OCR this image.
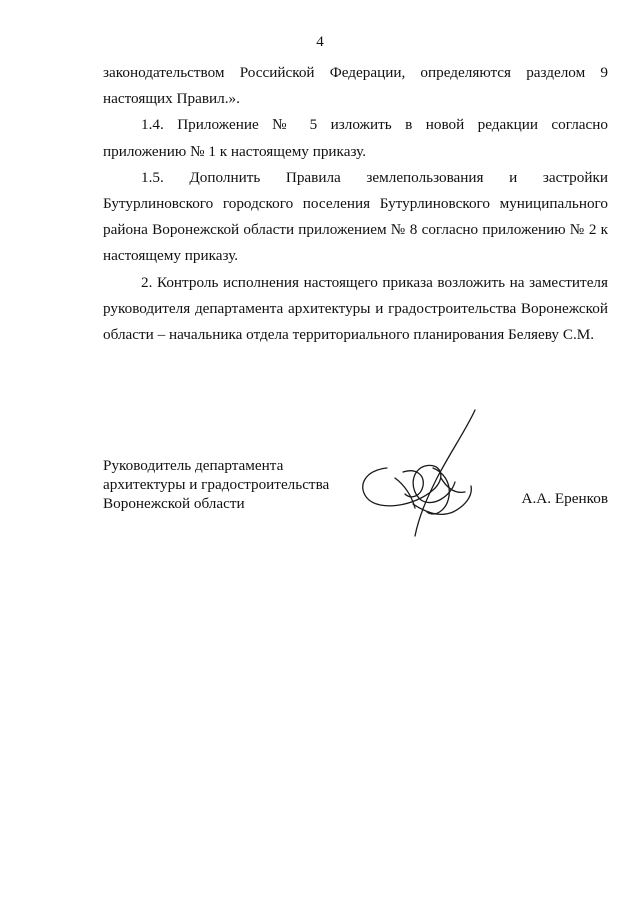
4

законодательством Российской Федерации, определяются разделом 9 настоящих Правил.».

1.4. Приложение № 5 изложить в новой редакции согласно приложению № 1 к настоящему приказу.

1.5. Дополнить Правила землепользования и застройки Бутурлиновского городского поселения Бутурлиновского муниципального района Воронежской области приложением № 8 согласно приложению № 2 к настоящему приказу.

2. Контроль исполнения настоящего приказа возложить на заместителя руководителя департамента архитектуры и градостроительства Воронежской области – начальника отдела территориального планирования Беляеву С.М.

Руководитель департамента
архитектуры и градостроительства
Воронежской области	А.А. Еренков
